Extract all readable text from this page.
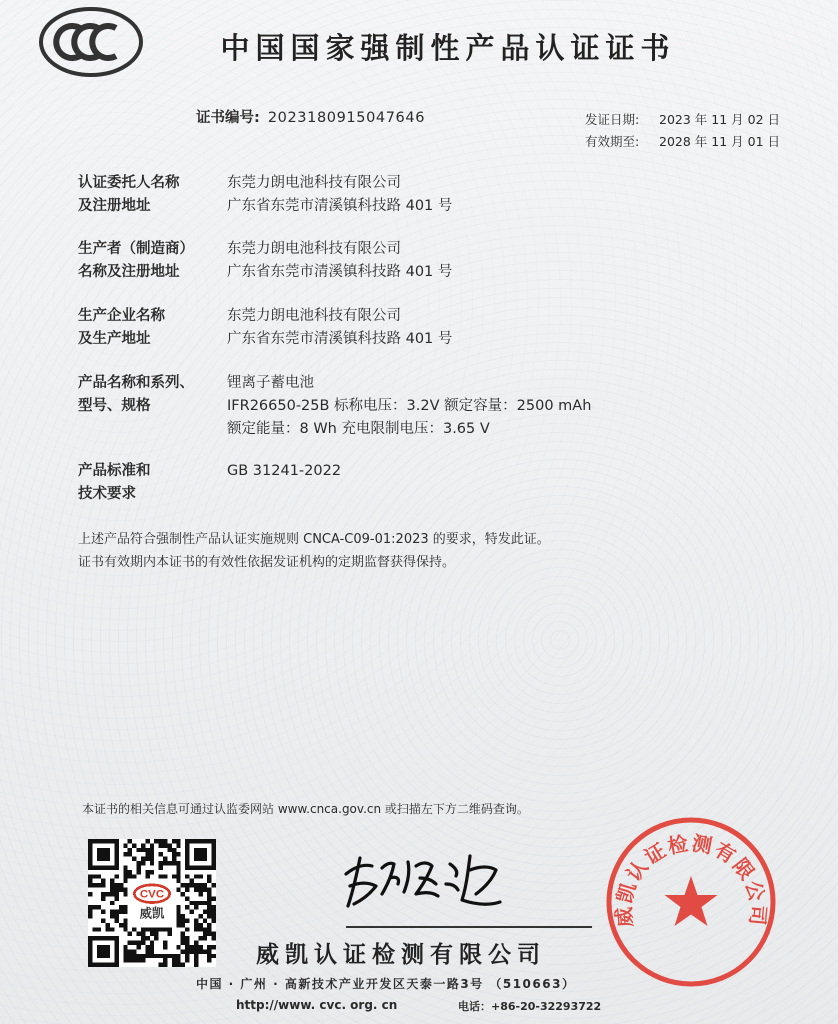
中国国家强制性产品认证证书
证书编号: 2023180915047646	发证日期: 2023 年 11 月 02 日
有效期至: 2028 年 11 月 01 日
认证委托人名称
及注册地址
东莞力朗电池科技有限公司
广东省东莞市清溪镇科技路 401 号
生产者（制造商）
名称及注册地址
东莞力朗电池科技有限公司
广东省东莞市清溪镇科技路 401 号
生产企业名称
及生产地址
东莞力朗电池科技有限公司
广东省东莞市清溪镇科技路 401 号
产品名称和系列、
型号、规格
锂离子蓄电池
IFR26650-25B 标称电压：3.2V 额定容量：2500 mAh
额定能量：8 Wh 充电限制电压：3.65 V
产品标准和
技术要求
GB 31241-2022
上述产品符合强制性产品认证实施规则 CNCA-C09-01:2023 的要求，特发此证。
证书有效期内本证书的有效性依据发证机构的定期监督获得保持。
本证书的相关信息可通过认监委网站 www.cnca.gov.cn 或扫描左下方二维码查询。
CVC
威凯
威凯认证检测有限公司
中国 · 广州 · 高新技术产业开发区天泰一路3号 （510663）
http://www. cvc. org. cn	电话：+86-20-32293722
威凯认证检测有限公司
